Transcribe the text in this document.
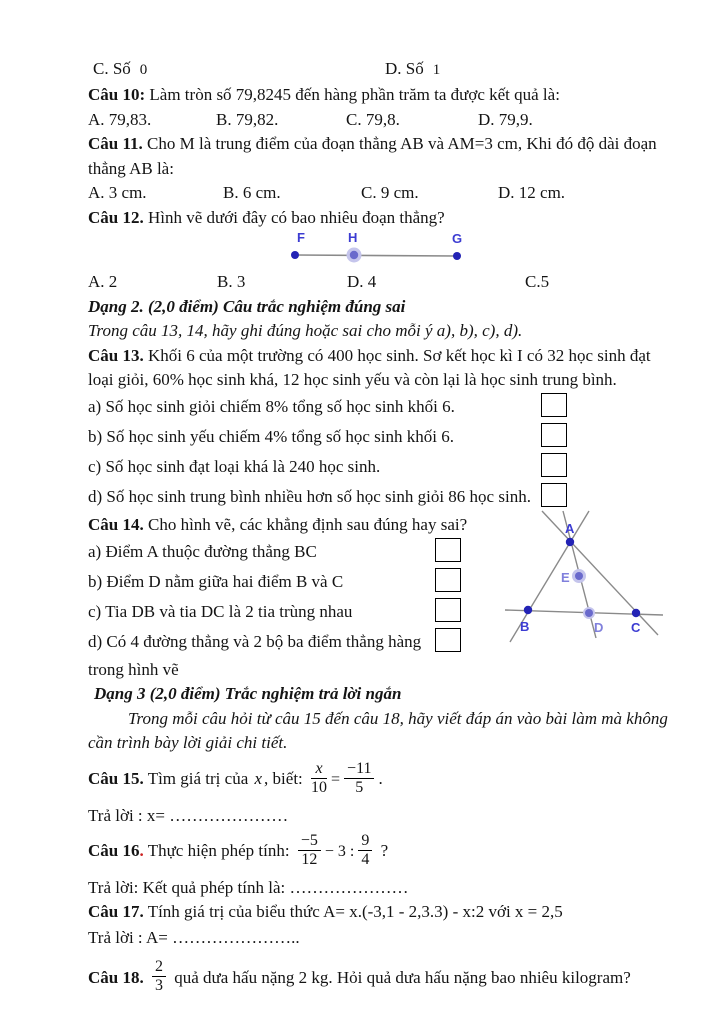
C. Số 0	D. Số 1
Câu 10: Làm tròn số 79,8245 đến hàng phần trăm ta được kết quả là:
A. 79,83.	B. 79,82.	C. 79,8.	D. 79,9.
Câu 11. Cho M là trung điểm của đoạn thẳng AB và AM=3 cm, Khi đó độ dài đoạn
thẳng AB là:
A. 3 cm.	B. 6 cm.	C. 9 cm.	D. 12 cm.
Câu 12. Hình vẽ dưới đây có bao nhiêu đoạn thẳng?
F	H	G
A. 2	B. 3	D. 4	C.5
Dạng 2. (2,0 điểm) Câu trắc nghiệm đúng sai
Trong câu 13, 14, hãy ghi đúng hoặc sai cho mỗi ý a), b), c), d).
Câu 13. Khối 6 của một trường có 400 học sinh. Sơ kết học kì I có 32 học sinh đạt
loại giỏi, 60% học sinh khá, 12 học sinh yếu và còn lại là học sinh trung bình.
a) Số học sinh giỏi chiếm 8% tổng số học sinh khối 6.
b) Số học sinh yếu chiếm 4% tổng số học sinh khối 6.
c) Số học sinh đạt loại khá là 240 học sinh.
d) Số học sinh trung bình nhiều hơn số học sinh giỏi 86 học sinh.
Câu 14. Cho hình vẽ, các khẳng định sau đúng hay sai?
a) Điểm A thuộc đường thẳng BC
b) Điểm D nằm giữa hai điểm B và C
c) Tia DB và tia DC là 2 tia trùng nhau
d) Có 4 đường thẳng và 2 bộ ba điểm thẳng hàng
trong hình vẽ
A
B	C
D
E
Dạng 3 (2,0 điểm) Trắc nghiệm trả lời ngắn
Trong mỗi câu hỏi từ câu 15 đến câu 18, hãy viết đáp án vào bài làm mà không
cần trình bày lời giải chi tiết.
Câu 15. Tìm giá trị của x , biết: $\frac{x}{10} = \frac{-11}{5}$ .
Trả lời : x= …………………
Câu 16. Thực hiện phép tính: $\frac{-5}{12} - 3$ : $\frac{9}{4}$ ?
Trả lời: Kết quả phép tính là: …………………
Câu 17. Tính giá trị của biểu thức A= x.(-3,1 - 2,3.3) - x:2 với x = 2,5
Trả lời : A= …………………..
Câu 18. $\frac{2}{3}$ quả dưa hấu nặng 2 kg. Hỏi quả dưa hấu nặng bao nhiêu kilogram?
